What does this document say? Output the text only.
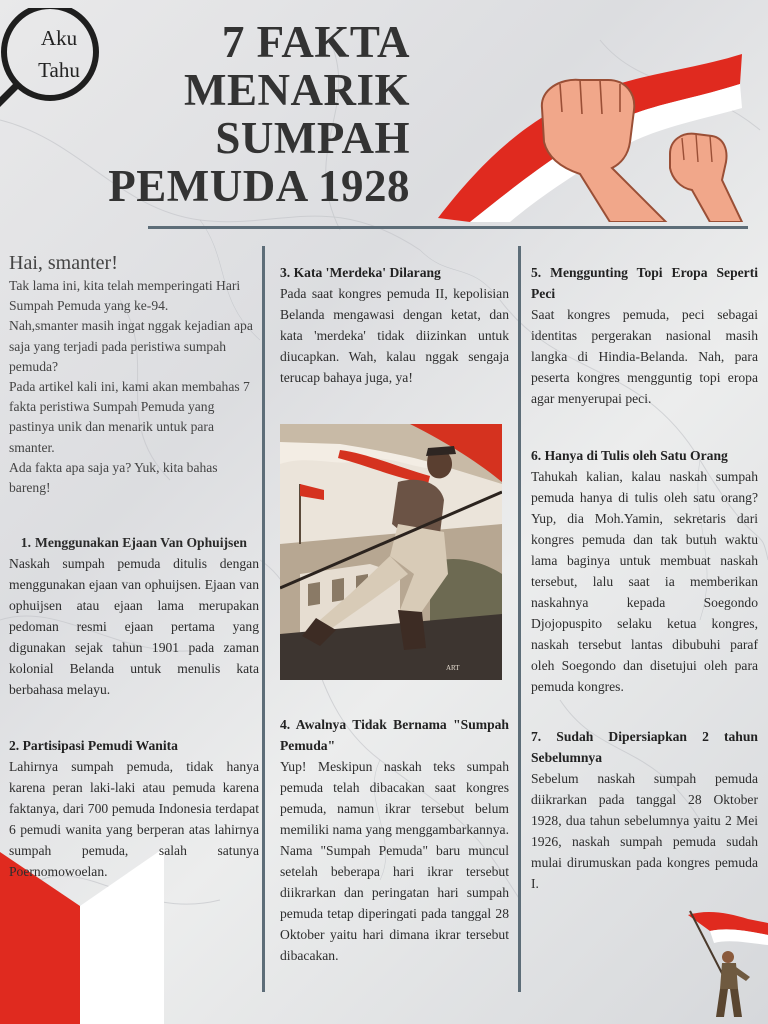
Aku
Tahu
7 FAKTA
MENARIK
SUMPAH
PEMUDA 1928
Hai, smanter!

Tak lama ini, kita telah memperingati Hari Sumpah Pemuda yang ke-94.

Nah,smanter masih ingat nggak kejadian apa saja yang terjadi pada peristiwa sumpah pemuda?

Pada artikel kali ini, kami akan membahas 7 fakta peristiwa Sumpah Pemuda yang pastinya unik dan menarik untuk para smanter.

Ada fakta apa saja ya? Yuk, kita bahas bareng!

1. Menggunakan Ejaan Van Ophuijsen
Naskah sumpah pemuda ditulis dengan menggunakan ejaan van ophuijsen. Ejaan van ophuijsen atau ejaan lama merupakan pedoman resmi ejaan pertama yang digunakan sejak tahun 1901 pada zaman kolonial Belanda untuk menulis kata berbahasa melayu.
2. Partisipasi Pemudi Wanita
Lahirnya sumpah pemuda, tidak hanya karena peran laki-laki atau pemuda karena faktanya, dari 700 pemuda Indonesia terdapat 6 pemudi wanita yang berperan atas lahirnya sumpah pemuda, salah satunya Poernomowoelan.
3. Kata 'Merdeka' Dilarang
Pada saat kongres pemuda II, kepolisian Belanda mengawasi dengan ketat, dan kata 'merdeka' tidak diizinkan untuk diucapkan. Wah, kalau nggak sengaja terucap bahaya juga, ya!
ART
4. Awalnya Tidak Bernama "Sumpah Pemuda"
Yup! Meskipun naskah teks sumpah pemuda telah dibacakan saat kongres pemuda, namun ikrar tersebut belum memiliki nama yang menggambarkannya. Nama "Sumpah Pemuda" baru muncul setelah beberapa hari ikrar tersebut diikrarkan dan peringatan hari sumpah pemuda tetap diperingati pada tanggal 28 Oktober yaitu hari dimana ikrar tersebut dibacakan.
5. Menggunting Topi Eropa Seperti Peci
Saat kongres pemuda, peci sebagai identitas pergerakan nasional masih langka di Hindia-Belanda. Nah, para peserta kongres mengguntig topi eropa agar menyerupai peci.
6. Hanya di Tulis oleh Satu Orang
Tahukah kalian, kalau naskah sumpah pemuda hanya di tulis oleh satu orang? Yup, dia Moh.Yamin, sekretaris dari kongres pemuda dan tak butuh waktu lama baginya untuk membuat naskah tersebut, lalu saat ia memberikan naskahnya kepada Soegondo Djojopuspito selaku ketua kongres, naskah tersebut lantas dibubuhi paraf oleh Soegondo dan disetujui oleh para pemuda kongres.
7. Sudah Dipersiapkan 2 tahun Sebelumnya
Sebelum naskah sumpah pemuda diikrarkan pada tanggal 28 Oktober 1928, dua tahun sebelumnya yaitu 2 Mei 1926, naskah sumpah pemuda sudah mulai dirumuskan pada kongres pemuda I.
